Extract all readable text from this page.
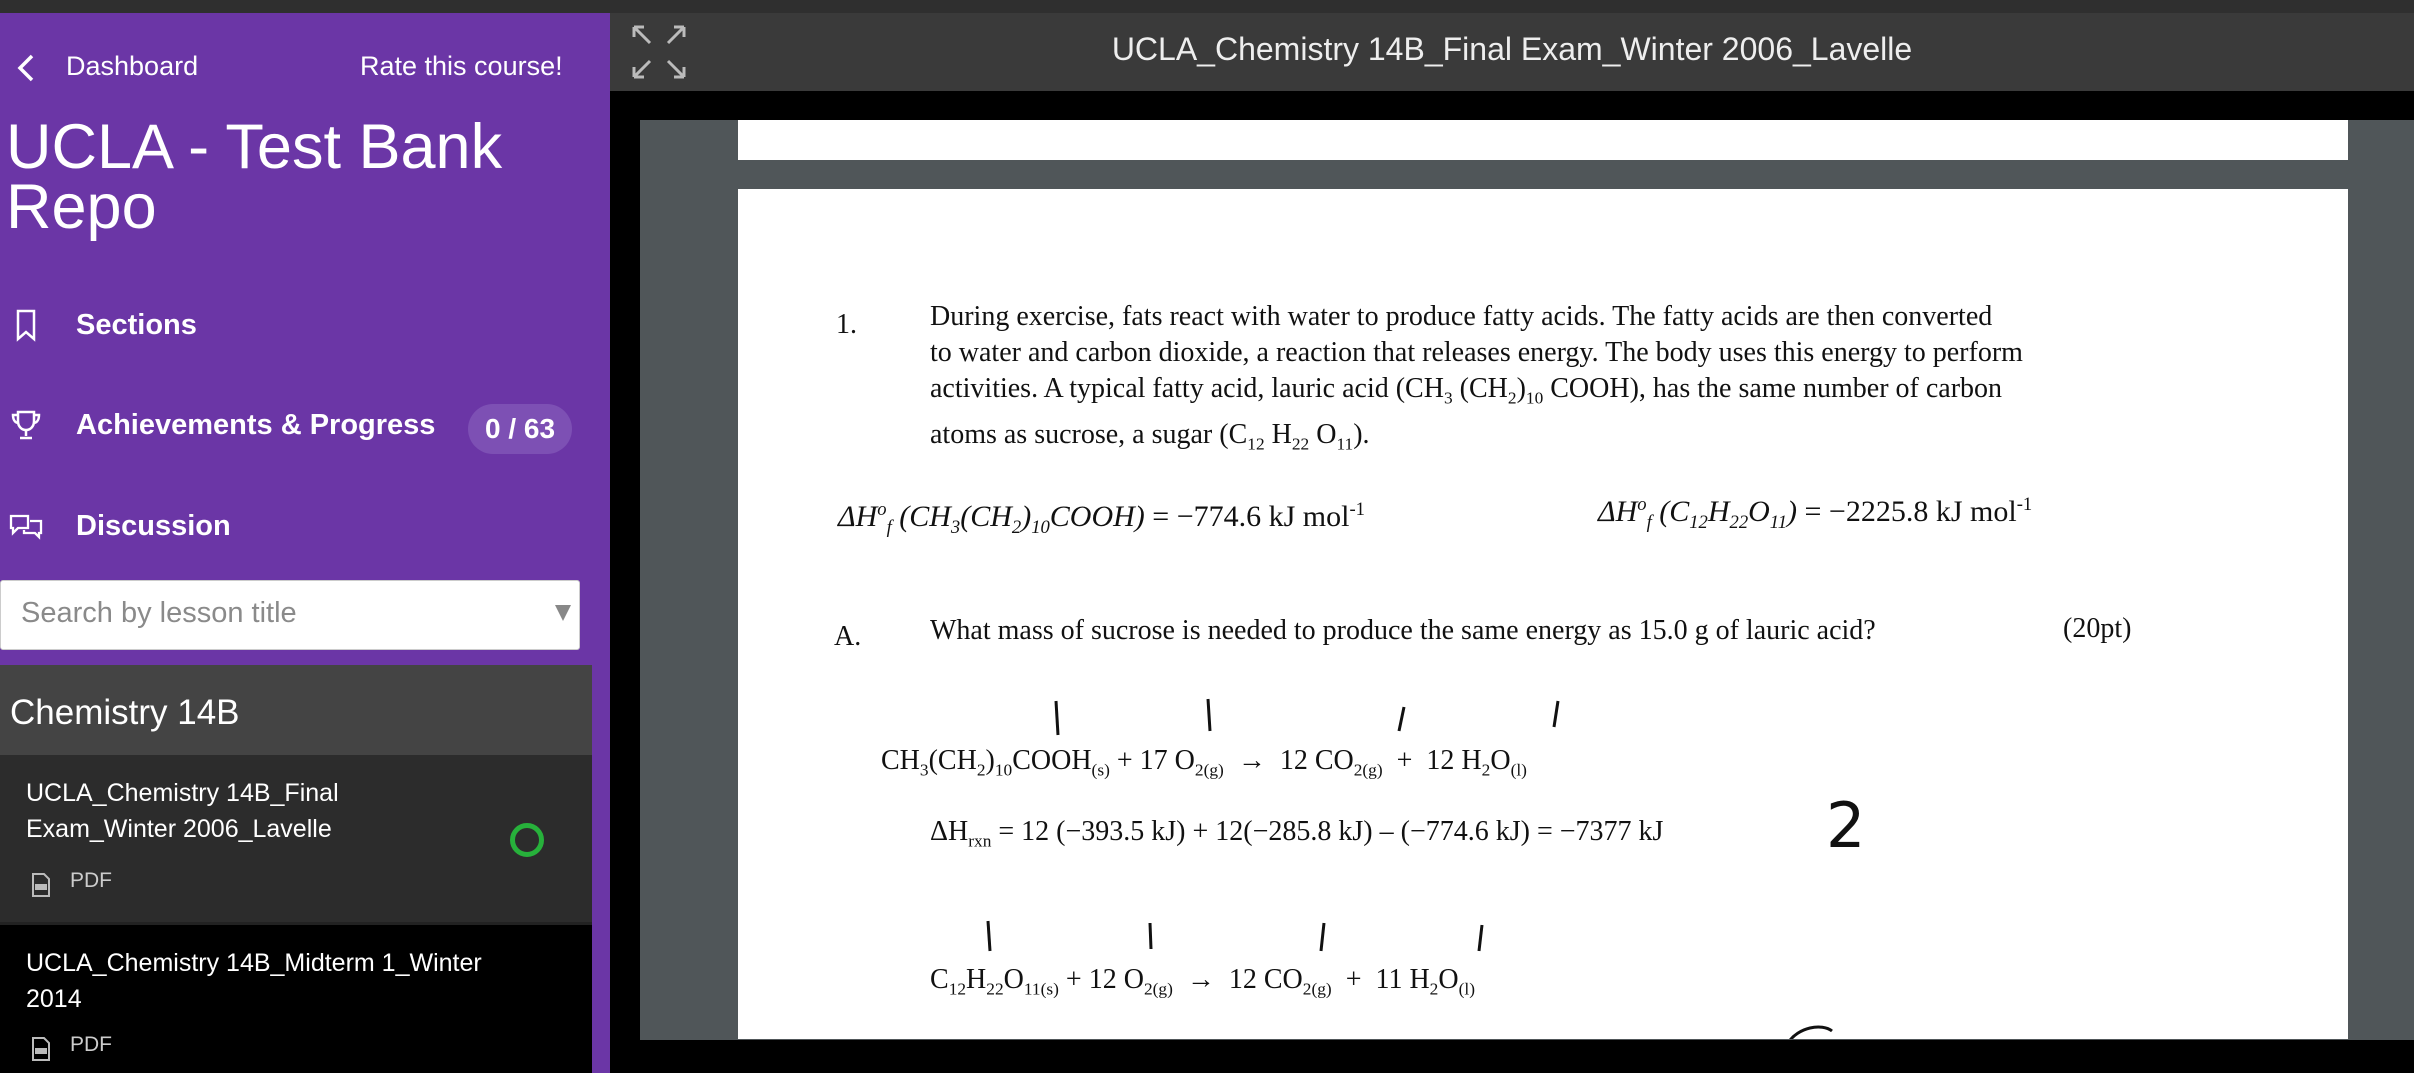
Dashboard	Rate this course!
UCLA - Test Bank Repo
Sections
Achievements & Progress	0 / 63
Discussion
Search by lesson title
Chemistry 14B
UCLA_Chemistry 14B_Final
Exam_Winter 2006_Lavelle
PDF
UCLA_Chemistry 14B_Midterm 1_Winter
2014
PDF
UCLA_Chemistry 14B_Final Exam_Winter 2006_Lavelle
1.	During exercise, fats react with water to produce fatty acids. The fatty acids are then converted
to water and carbon dioxide, a reaction that releases energy. The body uses this energy to perform
activities. A typical fatty acid, lauric acid ($CH_3$ $(CH_2)_{10}$ COOH), has the same number of carbon
atoms as sucrose, a sugar ($C_{12}$ $H_{22}$ $O_{11}$).
$\Delta H^o_f$ $(CH_3(CH_2)_{10}COOH) = -774.6$ kJ mol$^{-1}$	$\Delta H^o_f$ $(C_{12}H_{22}O_{11}) = -2225.8$ kJ mol$^{-1}$
A. What mass of sucrose is needed to produce the same energy as 15.0 g of lauric acid?	(20pt)
$CH_3(CH_2)_{10}COOH_{(s)} + 17$ $O_{2(g)} \to 12$ $CO_{2(g)} + 12$ $H_2O_{(l)}$
$\Delta H_{rxn} = 12$ (−393.5 kJ) + 12(−285.8 kJ) – (−774.6 kJ) = −7377 kJ	2
$C_{12}H_{22}O_{11(s)} + 12$ $O_{2(g)} \to 12$ $CO_{2(g)} + 11$ $H_2O_{(l)}$
